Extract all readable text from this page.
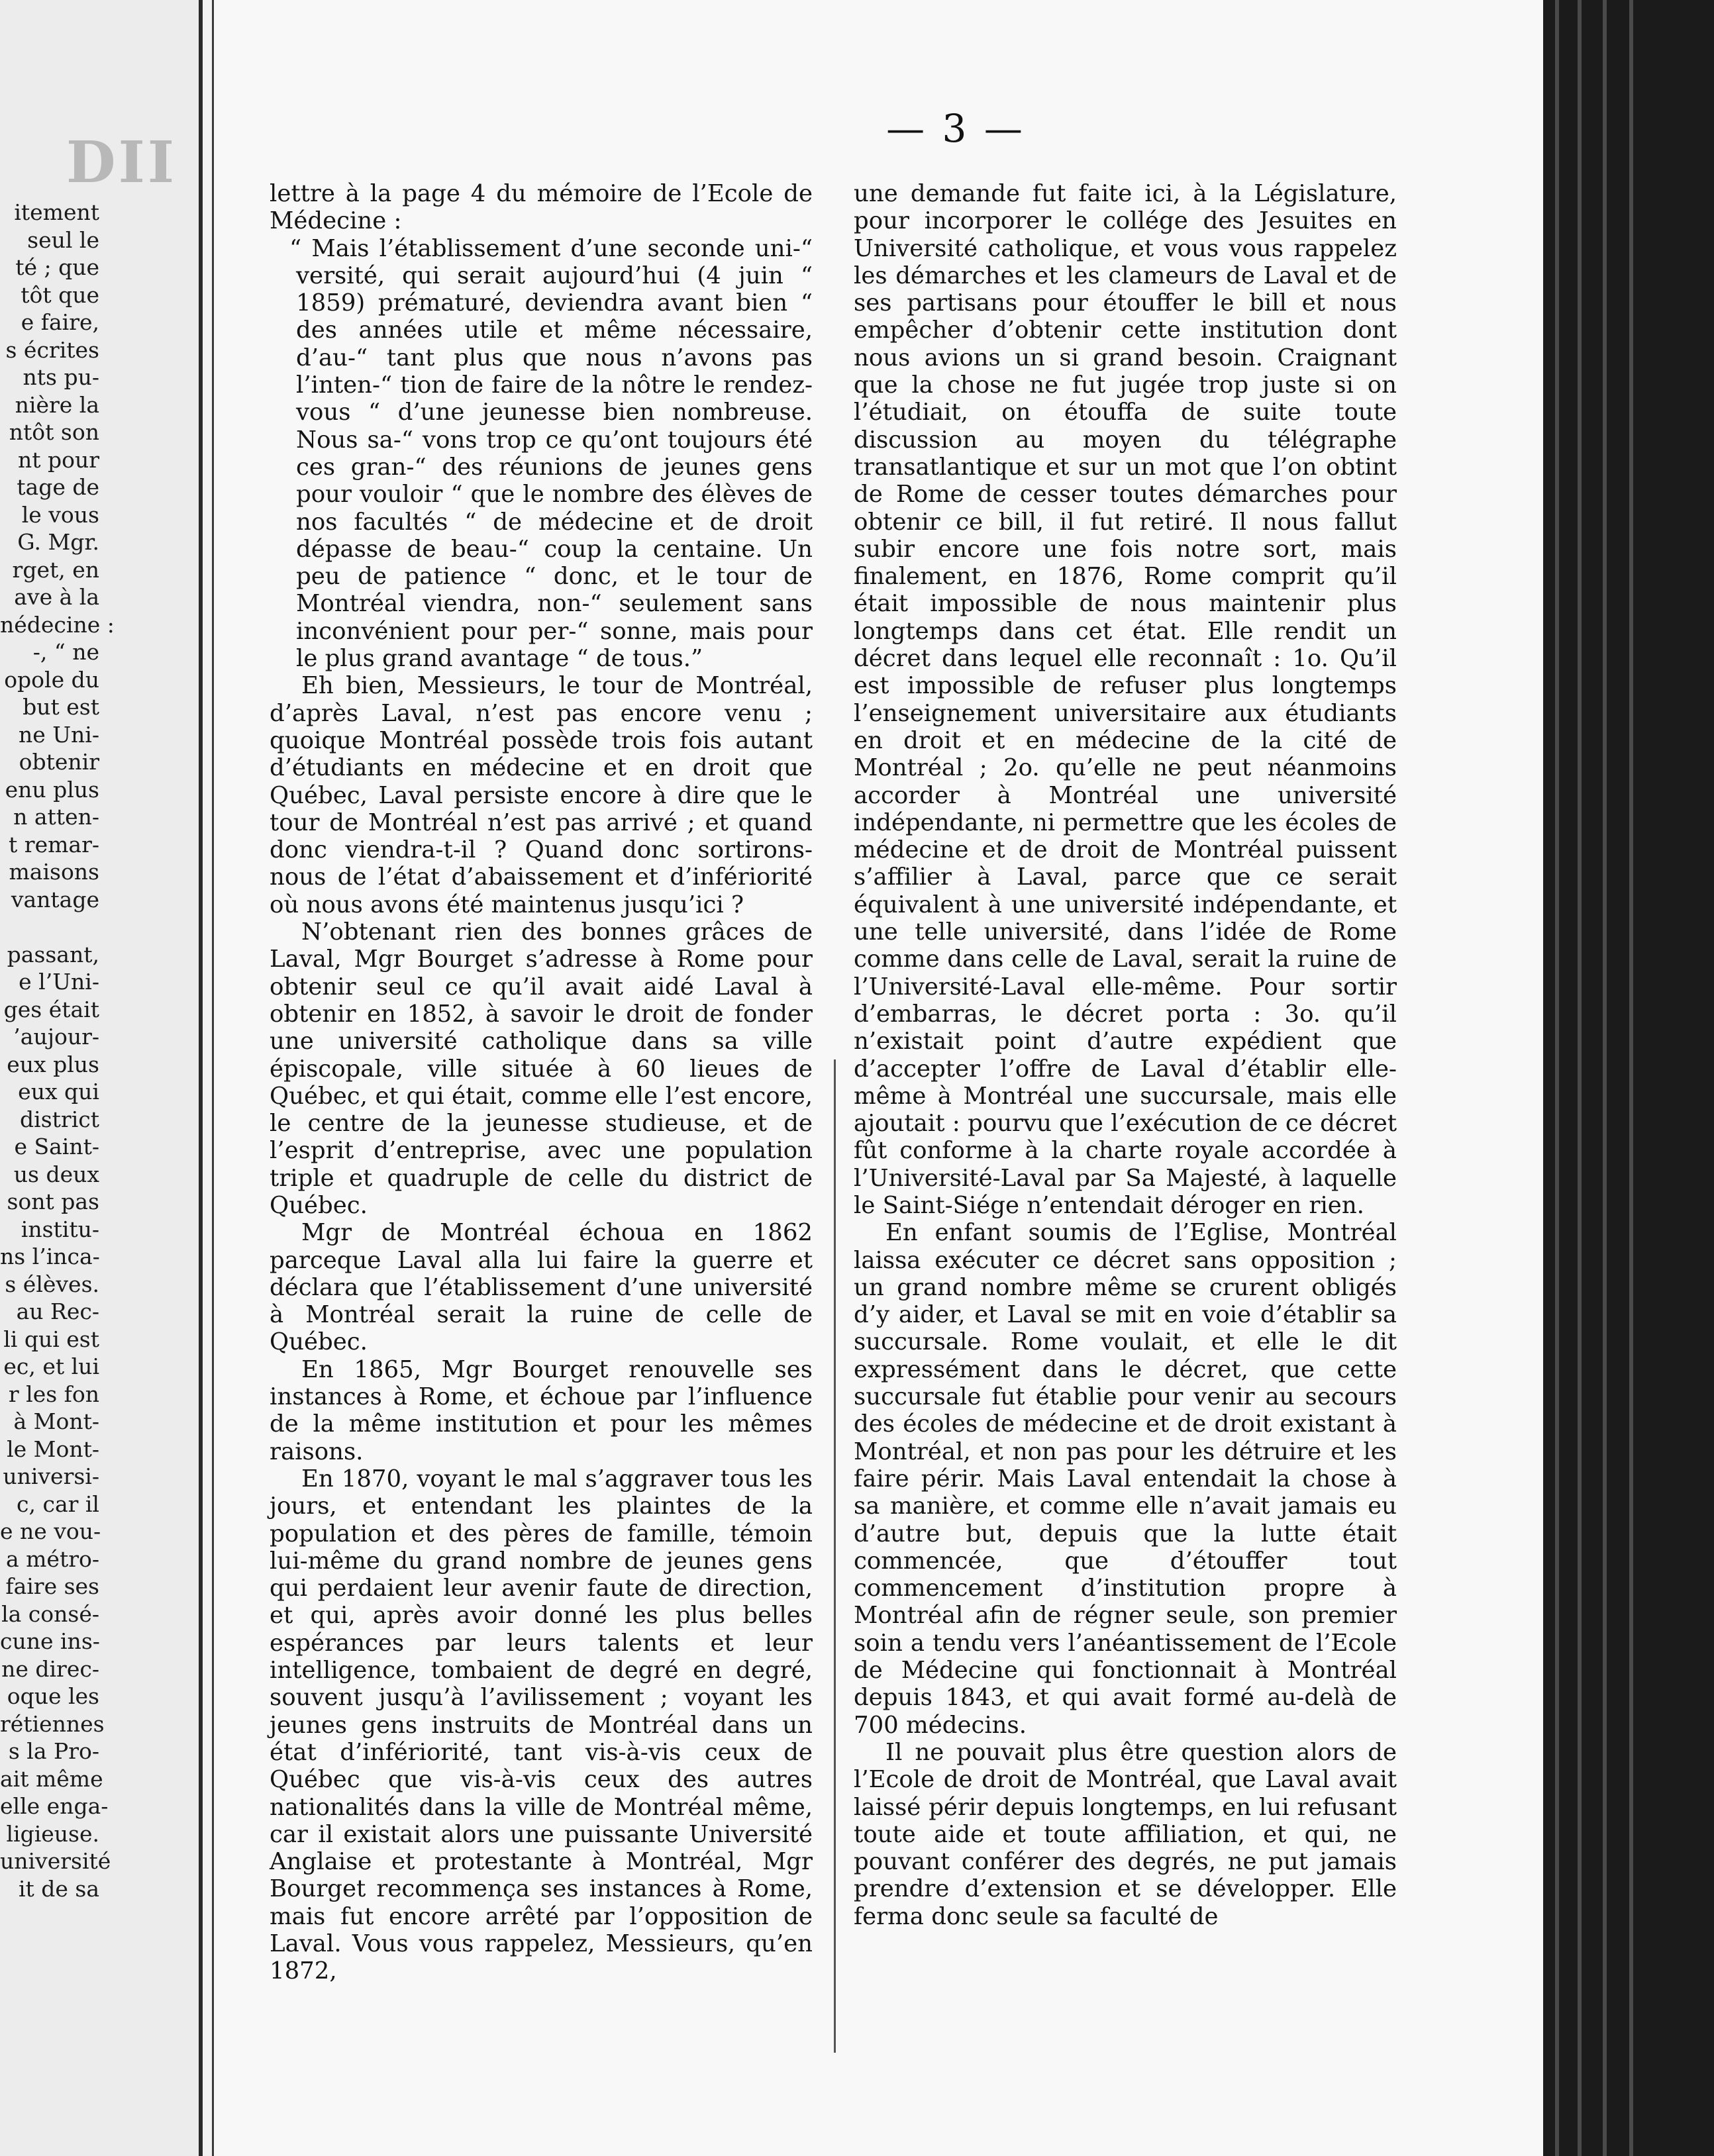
DII
itement
seul le
té ; que
tôt que
e faire,
s écrites
nts pu-
nière la
ntôt son
nt pour
tage de
le vous
G. Mgr.
rget, en
ave à la
nédecine :
-, “ ne
opole du
but est
ne Uni-
obtenir
enu plus
n atten-
t remar-
maisons
vantage
passant,
e l’Uni-
ges était
’aujour-
eux plus
eux qui
district
e Saint-
us deux
sont pas
institu-
ns l’inca-
s élèves.
au Rec-
li qui est
ec, et lui
r les fon
à Mont-
le Mont-
universi-
c, car il
e ne vou-
a métro-
faire ses
la consé-
cune ins-
ne direc-
oque les
rétiennes
s la Pro-
ait même
elle enga-
ligieuse.
université
it de sa
— 3 —

lettre à la page 4 du mémoire de l’Ecole de Médecine :

“ Mais l’établissement d’une seconde uni-“ versité, qui serait aujourd’hui (4 juin “ 1859) prématuré, deviendra avant bien “ des années utile et même nécessaire, d’au-“ tant plus que nous n’avons pas l’inten-“ tion de faire de la nôtre le rendez-vous “ d’une jeunesse bien nombreuse. Nous sa-“ vons trop ce qu’ont toujours été ces gran-“ des réunions de jeunes gens pour vouloir “ que le nombre des élèves de nos facultés “ de médecine et de droit dépasse de beau-“ coup la centaine. Un peu de patience “ donc, et le tour de Montréal viendra, non-“ seulement sans inconvénient pour per-“ sonne, mais pour le plus grand avantage “ de tous.”

Eh bien, Messieurs, le tour de Montréal, d’après Laval, n’est pas encore venu ; quoique Montréal possède trois fois autant d’étudiants en médecine et en droit que Québec, Laval persiste encore à dire que le tour de Montréal n’est pas arrivé ; et quand donc viendra-t-il ? Quand donc sortirons-nous de l’état d’abaissement et d’infériorité où nous avons été maintenus jusqu’ici ?

N’obtenant rien des bonnes grâces de Laval, Mgr Bourget s’adresse à Rome pour obtenir seul ce qu’il avait aidé Laval à obtenir en 1852, à savoir le droit de fonder une université catholique dans sa ville épiscopale, ville située à 60 lieues de Québec, et qui était, comme elle l’est encore, le centre de la jeunesse studieuse, et de l’esprit d’entreprise, avec une population triple et quadruple de celle du district de Québec.

Mgr de Montréal échoua en 1862 parceque Laval alla lui faire la guerre et déclara que l’établissement d’une université à Montréal serait la ruine de celle de Québec.

En 1865, Mgr Bourget renouvelle ses instances à Rome, et échoue par l’influence de la même institution et pour les mêmes raisons.

En 1870, voyant le mal s’aggraver tous les jours, et entendant les plaintes de la population et des pères de famille, témoin lui-même du grand nombre de jeunes gens qui perdaient leur avenir faute de direction, et qui, après avoir donné les plus belles espérances par leurs talents et leur intelligence, tombaient de degré en degré, souvent jusqu’à l’avilissement ; voyant les jeunes gens instruits de Montréal dans un état d’infériorité, tant vis-à-vis ceux de Québec que vis-à-vis ceux des autres nationalités dans la ville de Montréal même, car il existait alors une puissante Université Anglaise et protestante à Montréal, Mgr Bourget recommença ses instances à Rome, mais fut encore arrêté par l’opposition de Laval. Vous vous rappelez, Messieurs, qu’en 1872,

une demande fut faite ici, à la Législature, pour incorporer le collége des Jesuites en Université catholique, et vous vous rappelez les démarches et les clameurs de Laval et de ses partisans pour étouffer le bill et nous empêcher d’obtenir cette institution dont nous avions un si grand besoin. Craignant que la chose ne fut jugée trop juste si on l’étudiait, on étouffa de suite toute discussion au moyen du télégraphe transatlantique et sur un mot que l’on obtint de Rome de cesser toutes démarches pour obtenir ce bill, il fut retiré. Il nous fallut subir encore une fois notre sort, mais finalement, en 1876, Rome comprit qu’il était impossible de nous maintenir plus longtemps dans cet état. Elle rendit un décret dans lequel elle reconnaît : 1o. Qu’il est impossible de refuser plus longtemps l’enseignement universitaire aux étudiants en droit et en médecine de la cité de Montréal ; 2o. qu’elle ne peut néanmoins accorder à Montréal une université indépendante, ni permettre que les écoles de médecine et de droit de Montréal puissent s’affilier à Laval, parce que ce serait équivalent à une université indépendante, et une telle université, dans l’idée de Rome comme dans celle de Laval, serait la ruine de l’Université-Laval elle-même. Pour sortir d’embarras, le décret porta : 3o. qu’il n’existait point d’autre expédient que d’accepter l’offre de Laval d’établir elle-même à Montréal une succursale, mais elle ajoutait : pourvu que l’exécution de ce décret fût conforme à la charte royale accordée à l’Université-Laval par Sa Majesté, à laquelle le Saint-Siége n’entendait déroger en rien.

En enfant soumis de l’Eglise, Montréal laissa exécuter ce décret sans opposition ; un grand nombre même se crurent obligés d’y aider, et Laval se mit en voie d’établir sa succursale. Rome voulait, et elle le dit expressément dans le décret, que cette succursale fut établie pour venir au secours des écoles de médecine et de droit existant à Montréal, et non pas pour les détruire et les faire périr. Mais Laval entendait la chose à sa manière, et comme elle n’avait jamais eu d’autre but, depuis que la lutte était commencée, que d’étouffer tout commencement d’institution propre à Montréal afin de régner seule, son premier soin a tendu vers l’anéantissement de l’Ecole de Médecine qui fonctionnait à Montréal depuis 1843, et qui avait formé au-delà de 700 médecins.

Il ne pouvait plus être question alors de l’Ecole de droit de Montréal, que Laval avait laissé périr depuis longtemps, en lui refusant toute aide et toute affiliation, et qui, ne pouvant conférer des degrés, ne put jamais prendre d’extension et se développer. Elle ferma donc seule sa faculté de
